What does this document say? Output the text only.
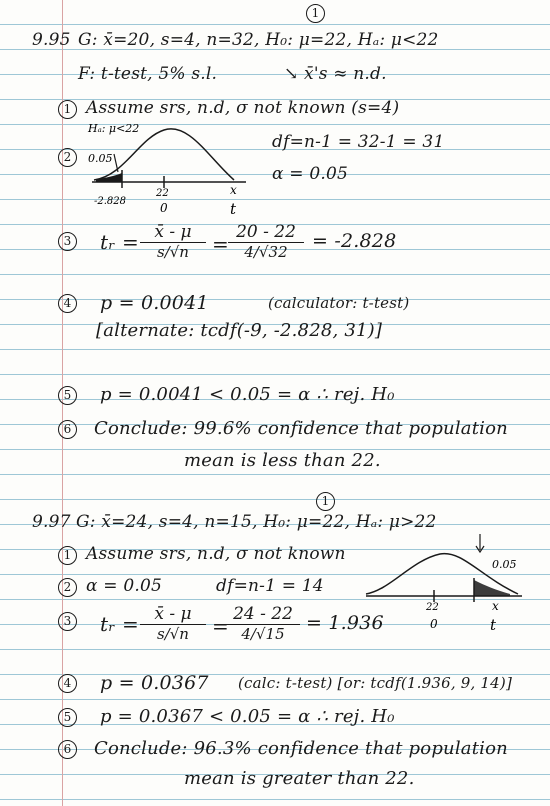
1
9.95 G: x̄=20, s=4, n=32, H₀: μ=22, Hₐ: μ<22
F: t-test, 5% s.l.	↘ x̄'s ≈ n.d.
1 Assume srs, n.d, σ not known (s=4)
2
Hₐ: μ<22
0.05
22
0
x
t
-2.828
df=n-1 = 32-1 = 31
α = 0.05
3 tᵣ = $\frac{x̄ - \mu}{s/√n} = \frac{20 - 22}{4/√32} = -2.828$
4 p = 0.0041	(calculator: t-test)
[alternate: tcdf(-9, -2.828, 31)]
5	p = 0.0041 < 0.05 = α ∴ rej. H₀
6	Conclude: 99.6% confidence that population
mean is less than 22.
1
9.97 G: x̄=24, s=4, n=15, H₀: μ=22, Hₐ: μ>22
1 Assume srs, n.d, σ not known
2 α = 0.05	df=n-1 = 14
0.05
22
0
x
t
3 tᵣ = $\frac{x̄ - \mu}{s/√n}$ =
$\frac{24 - 22}{4/√15} = 1.936$
4 p = 0.0367 (calc: t-test) [or: tcdf(1.936, 9, 14)]
5	p = 0.0367 < 0.05 = α ∴ rej. H₀
6	Conclude: 96.3% confidence that population
mean is greater than 22.
